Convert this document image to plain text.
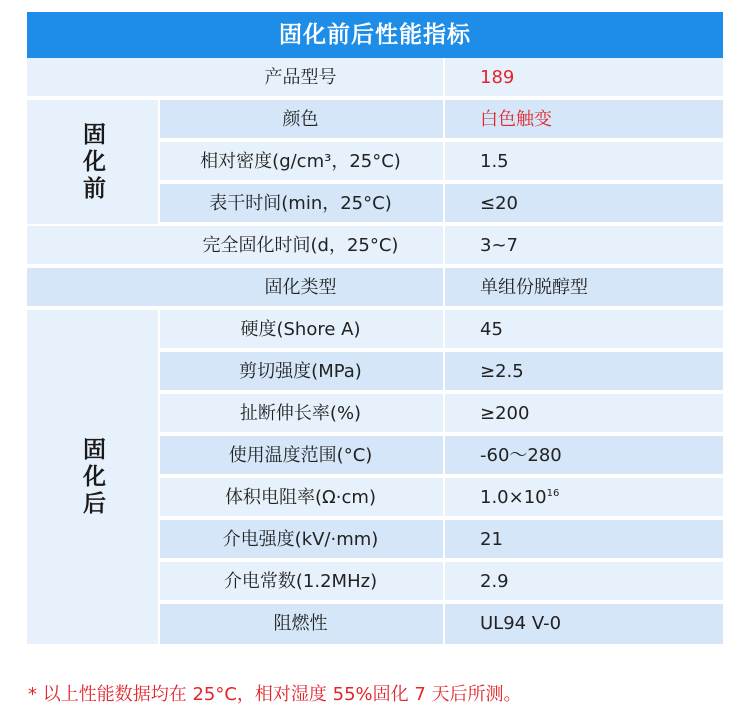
固化前后性能指标
产品型号	189
固化前
颜色	白色触变
相对密度(g/cm³，25°C)	1.5
表干时间(min，25°C)	≤20
完全固化时间(d，25°C)	3~7
固化类型	单组份脱醇型
固化后
硬度(Shore A)	45
剪切强度(MPa)	≥2.5
扯断伸长率(%)	≥200
使用温度范围(°C)	-60～280
体积电阻率(Ω·cm)	$1.0\times 10^{16}$
介电强度(kV/·mm)	21
介电常数(1.2MHz)	2.9
阻燃性	UL94 V-0
* 以上性能数据均在 25°C，相对湿度 55%固化 7 天后所测。
